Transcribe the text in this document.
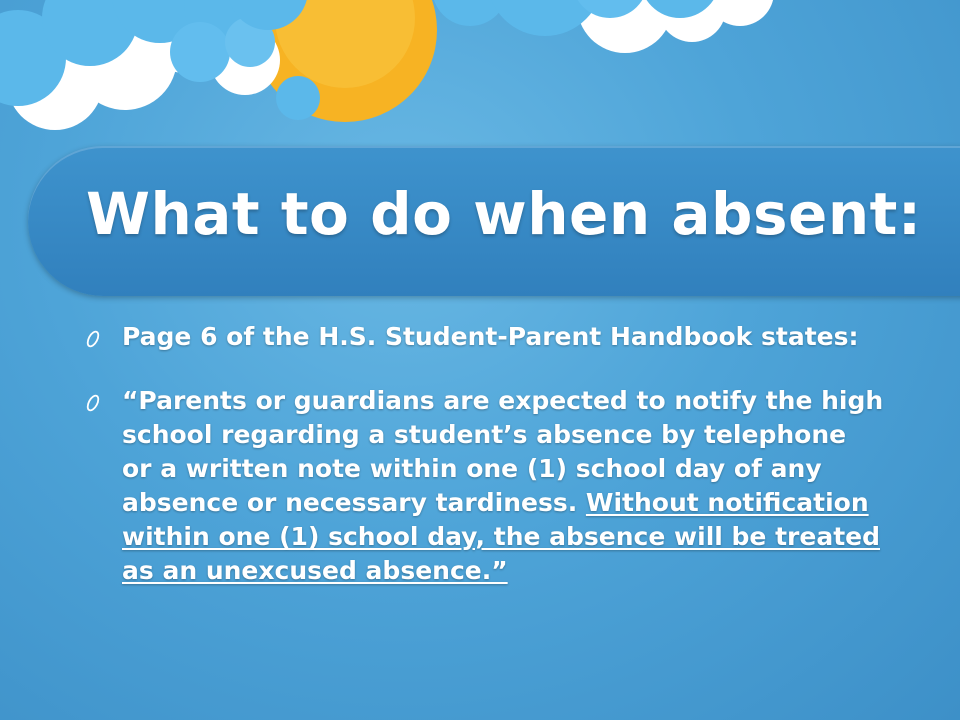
What to do when absent:
Page 6 of the H.S. Student-Parent Handbook states:
“Parents or guardians are expected to notify the high school regarding a student’s absence by telephone or a written note within one (1) school day of any absence or necessary tardiness. Without notification within one (1) school day, the absence will be treated as an unexcused absence.”
